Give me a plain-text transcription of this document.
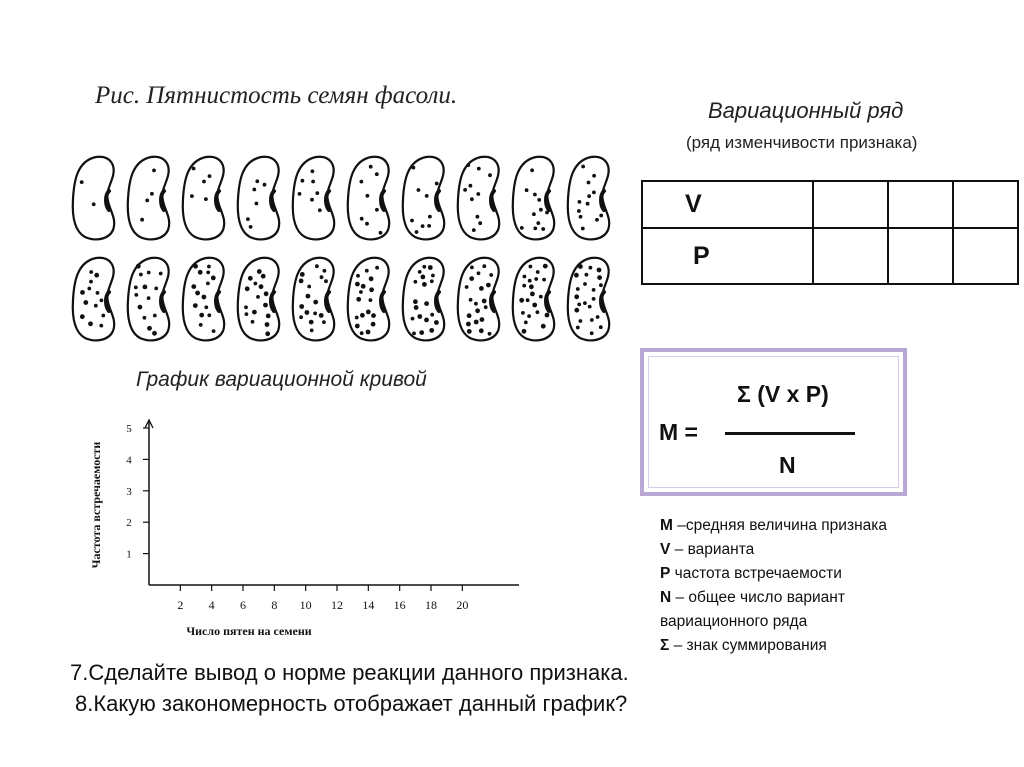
Рис. Пятнистость семян фасоли.
Вариационный ряд
(ряд изменчивости признака)
V			
P			
График вариационной кривой
2 4 6 8 10 12 14 16 18 20
1
2
3
4
5
Число пятен на семени
Частота встречаемости
M =
Σ (V x P)
N
M –средняя величина признака
V – варианта
P частота встречаемости
N – общее число вариант
вариационного ряда
Σ – знак суммирования
7.Сделайте вывод о норме реакции данного признака.
8.Какую закономерность отображает данный график?
